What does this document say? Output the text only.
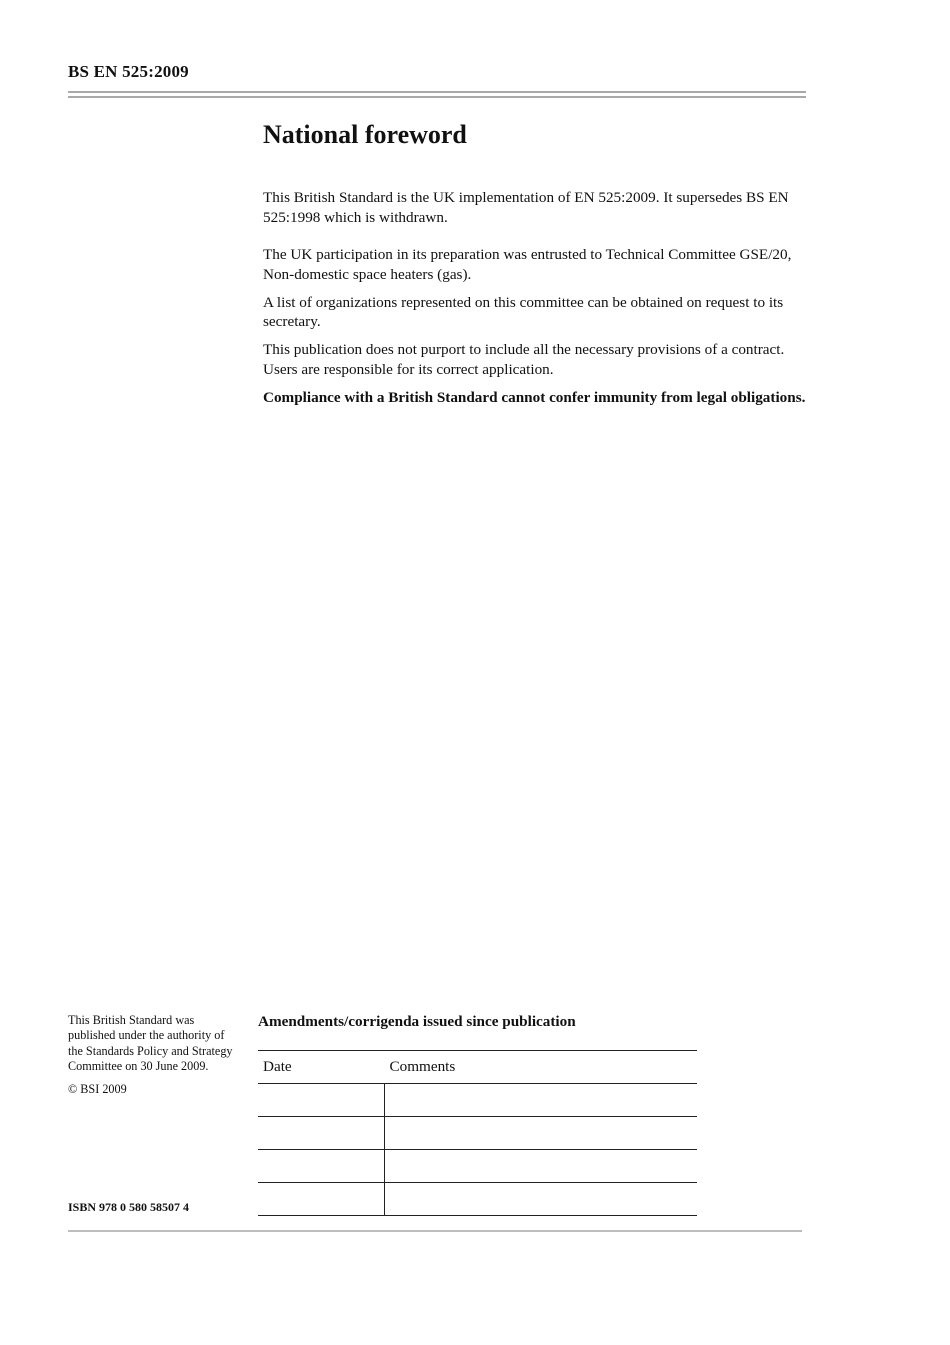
BS EN 525:2009
National foreword

This British Standard is the UK implementation of EN 525:2009. It supersedes BS EN 525:1998 which is withdrawn.

The UK participation in its preparation was entrusted to Technical Committee GSE/20, Non-domestic space heaters (gas).

A list of organizations represented on this committee can be obtained on request to its secretary.

This publication does not purport to include all the necessary provisions of a contract. Users are responsible for its correct application.

Compliance with a British Standard cannot confer immunity from legal obligations.

This British Standard was published under the authority of the Standards Policy and Strategy Committee on 30 June 2009.

© BSI 2009

ISBN 978 0 580 58507 4
Amendments/corrigenda issued since publication
Date	Comments
